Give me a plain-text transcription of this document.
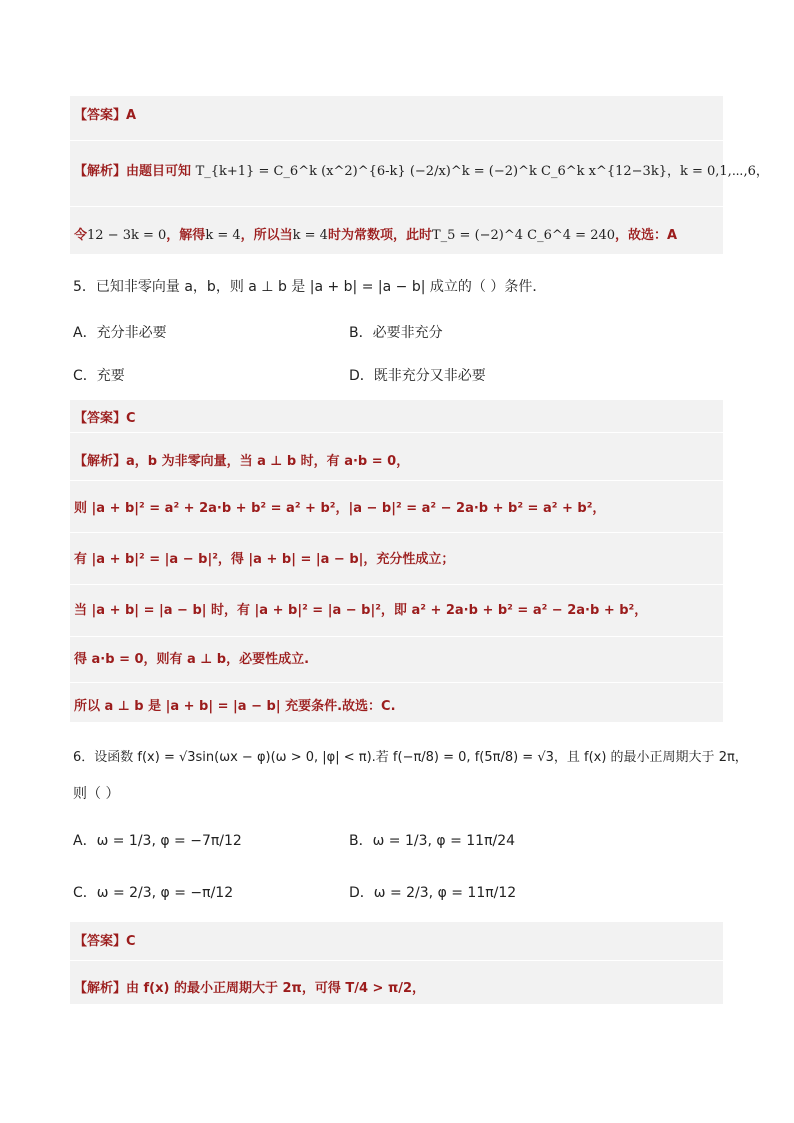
【答案】A
【解析】由题目可知 T_{k+1} = C_6^k (x^2)^{6-k} (−2/x)^k = (−2)^k C_6^k x^{12−3k}，k = 0,1,⋯,6，
令12 − 3k = 0，解得k = 4，所以当k = 4时为常数项，此时T_5 = (−2)^4 C_6^4 = 240，故选：A
5．已知非零向量 a，b，则 a ⊥ b 是 |a + b| = |a − b| 成立的（ ）条件．
A．充分非必要	B．必要非充分
C．充要	D．既非充分又非必要
【答案】C
【解析】a，b 为非零向量，当 a ⊥ b 时，有 a·b = 0，
则 |a + b|² = a² + 2a·b + b² = a² + b²，|a − b|² = a² − 2a·b + b² = a² + b²，
有 |a + b|² = |a − b|²，得 |a + b| = |a − b|，充分性成立；
当 |a + b| = |a − b| 时，有 |a + b|² = |a − b|²，即 a² + 2a·b + b² = a² − 2a·b + b²，
得 a·b = 0，则有 a ⊥ b，必要性成立.
所以 a ⊥ b 是 |a + b| = |a − b| 充要条件.故选：C.
6．设函数 f(x) = √3sin(ωx − φ)(ω > 0, |φ| < π).若 f(−π/8) = 0, f(5π/8) = √3，且 f(x) 的最小正周期大于 2π，
则（ ）
A．ω = 1/3, φ = −7π/12	B．ω = 1/3, φ = 11π/24
C．ω = 2/3, φ = −π/12	D．ω = 2/3, φ = 11π/12
【答案】C
【解析】由 f(x) 的最小正周期大于 2π，可得 T/4 > π/2，
